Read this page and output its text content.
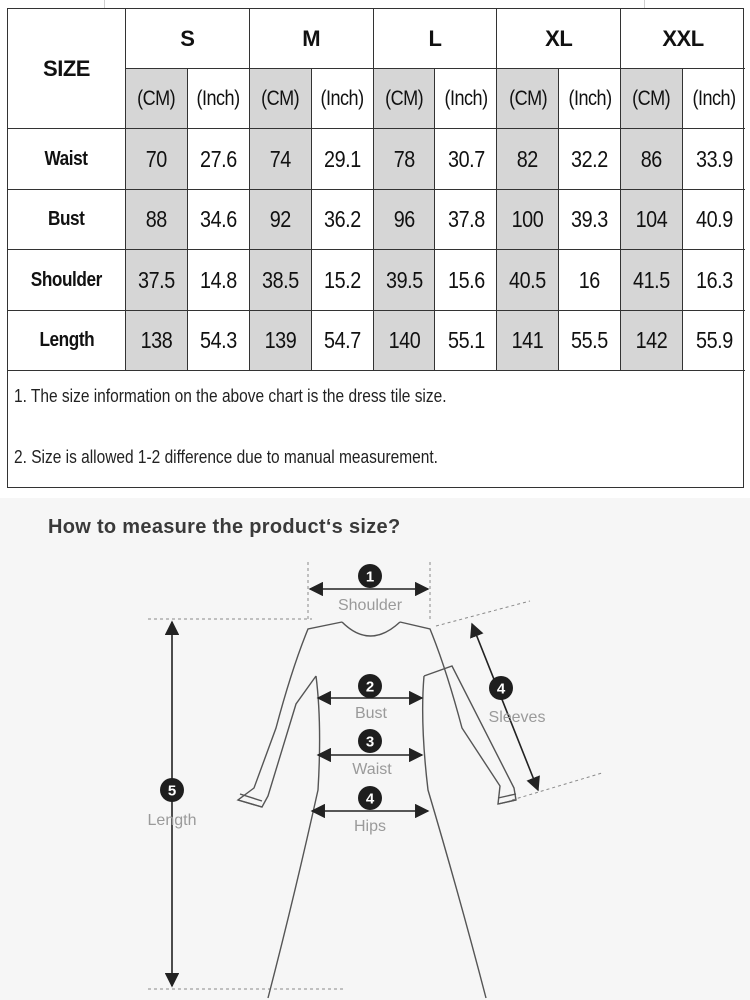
SIZE
S	M	L	XL	XXL
(CM) (Inch) (CM) (Inch) (CM) (Inch) (CM) (Inch) (CM) (Inch)
Waist	70 27.6 74 29.1 78 30.7 82 32.2 86 33.9
Bust	88 34.6 92 36.2 96 37.8 100 39.3 104 40.9
Shoulder 37.5 14.8 38.5 15.2 39.5 15.6 40.5 16 41.5 16.3
Length 138 54.3 139 54.7 140 55.1 141 55.5 142 55.9
1. The size information on the above chart is the dress tile size.
2. Size is allowed 1-2 difference due to manual measurement.
How to measure the product‘s size?
1
Shoulder
2
Bust
3
Waist
4
Hips
4
Sleeves
5
Length
